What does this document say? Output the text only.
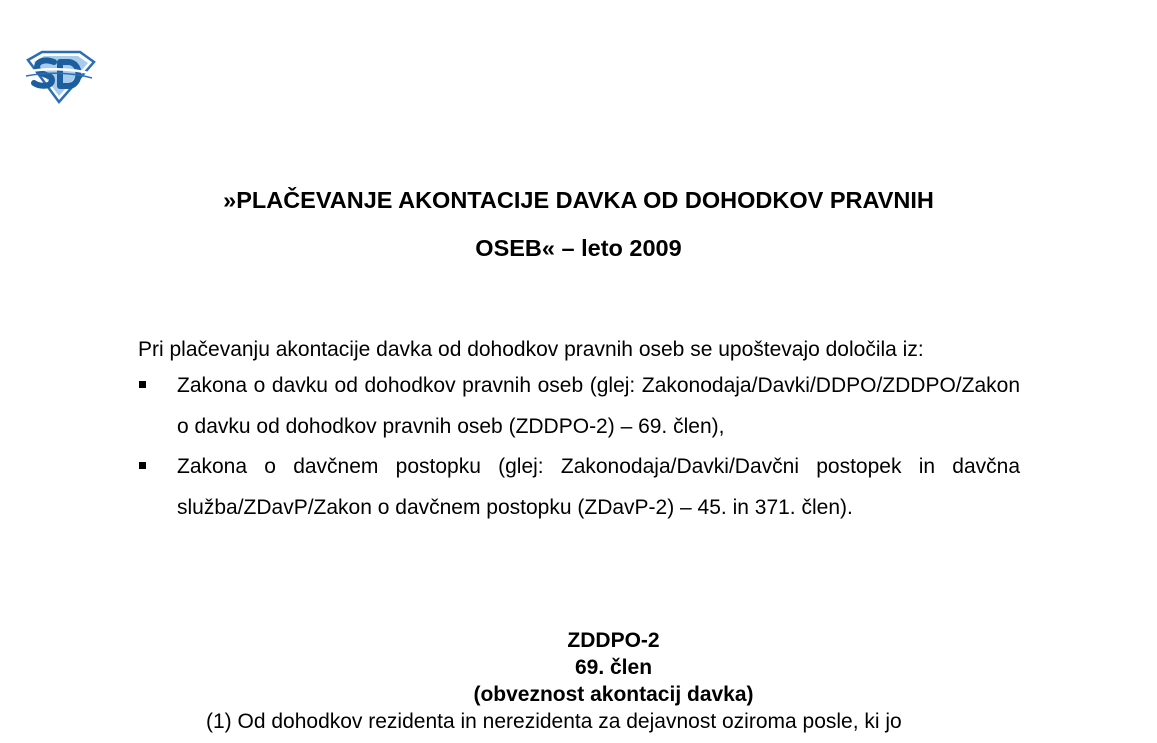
»PLAČEVANJE AKONTACIJE DAVKA OD DOHODKOV PRAVNIH
OSEB« – leto 2009
Pri plačevanju akontacije davka od dohodkov pravnih oseb se upoštevajo določila iz:
Zakona o davku od dohodkov pravnih oseb (glej: Zakonodaja/Davki/DDPO/ZDDPO/Zakon o davku od dohodkov pravnih oseb (ZDDPO-2) – 69. člen),
Zakona o davčnem postopku (glej: Zakonodaja/Davki/Davčni postopek in davčna služba/ZDavP/Zakon o davčnem postopku (ZDavP-2) – 45. in 371. člen).
ZDDPO-2
69. člen
(obveznost akontacij davka)
(1) Od dohodkov rezidenta in nerezidenta za dejavnost oziroma posle, ki jo
